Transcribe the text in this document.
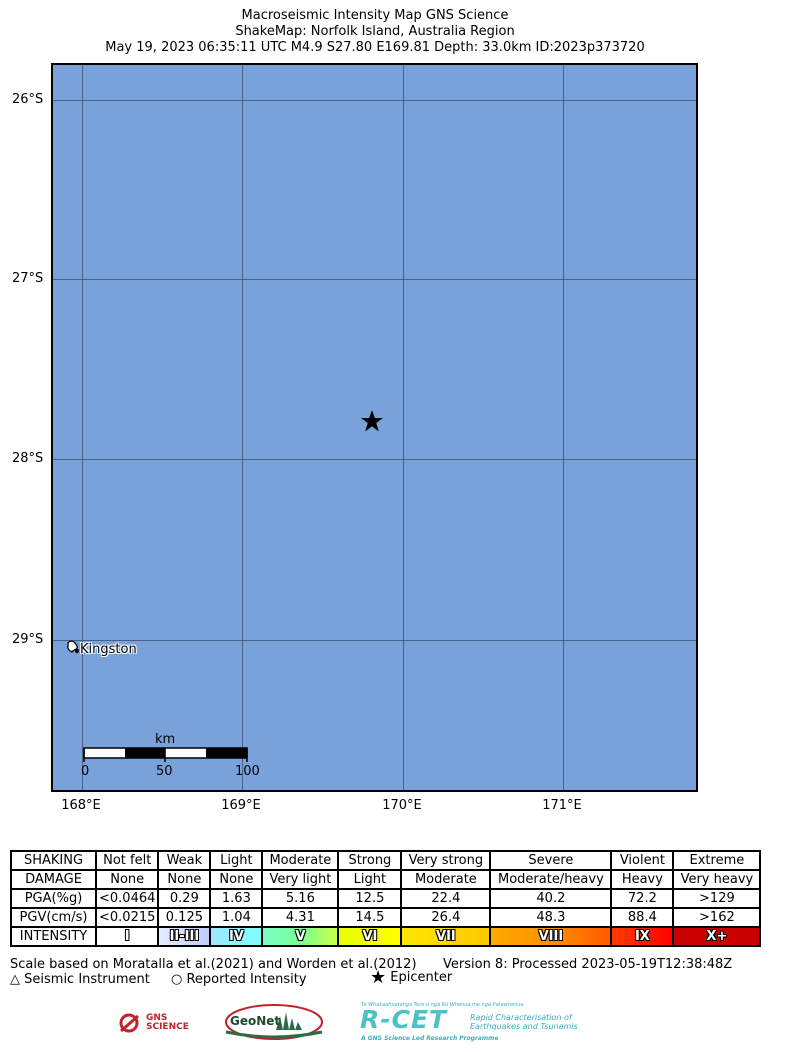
Macroseismic Intensity Map GNS Science
ShakeMap: Norfolk Island, Australia Region
May 19, 2023 06:35:11 UTC M4.9 S27.80 E169.81 Depth: 33.0km ID:2023p373720
Kingston
km
0	50	100
26°S
27°S
28°S
29°S
168°E	169°E	170°E	171°E
SHAKING	Not felt	Weak	Light	Moderate	Strong	Very strong	Severe	Violent	Extreme
DAMAGE	None	None	None	Very light	Light	Moderate	Moderate/heavy	Heavy	Very heavy
PGA(%g)	<0.0464	0.29	1.63	5.16	12.5	22.4	40.2	72.2	>129
PGV(cm/s)	<0.0215	0.125	1.04	4.31	14.5	26.4	48.3	88.4	>162
INTENSITY	I	II-III	IV	V	VI	VII	VIII	IX	X+
Scale based on Moratalla et al.(2021) and Worden et al.(2012) Version 8: Processed 2023-05-19T12:38:48Z
△ Seismic Instrument ○ Reported Intensity	★ Epicenter
GNS SCIENCE	GeoNet
Te Whakaahuatanga Tere o ngā Rū Whenua me ngā Parawhenua
R-CET	Rapid Characterisation of
Earthquakes and Tsunamis
A GNS Science Led Research Programme
